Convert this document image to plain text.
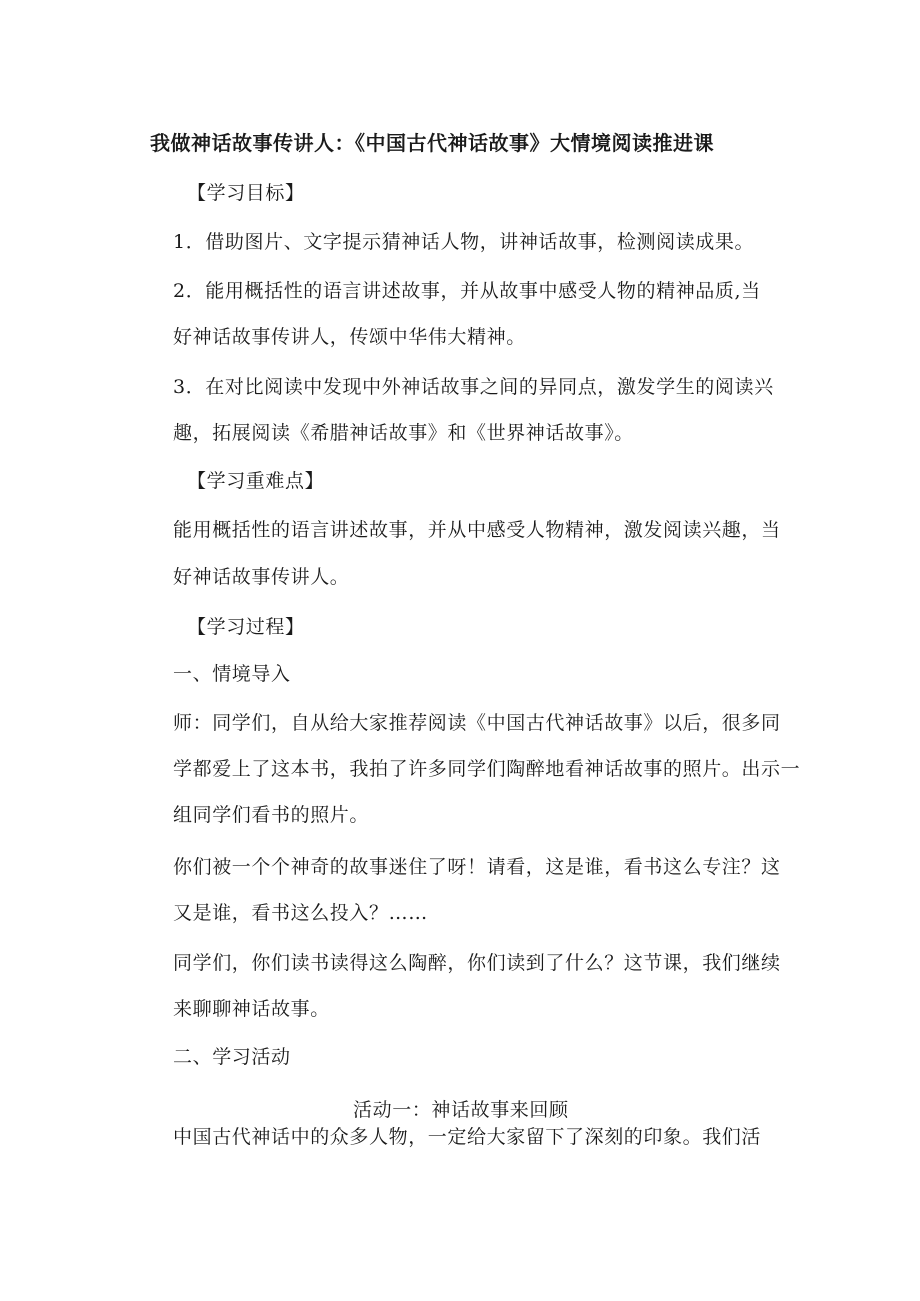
我做神话故事传讲人：《中国古代神话故事》大情境阅读推进课
【学习目标】
1．借助图片、文字提示猜神话人物，讲神话故事，检测阅读成果。
2．能用概括性的语言讲述故事，并从故事中感受人物的精神品质,当
好神话故事传讲人，传颂中华伟大精神。
3．在对比阅读中发现中外神话故事之间的异同点，激发学生的阅读兴
趣，拓展阅读《希腊神话故事》和《世界神话故事》。
【学习重难点】
能用概括性的语言讲述故事，并从中感受人物精神，激发阅读兴趣，当
好神话故事传讲人。
【学习过程】
一、情境导入
师：同学们，自从给大家推荐阅读《中国古代神话故事》以后，很多同
学都爱上了这本书，我拍了许多同学们陶醉地看神话故事的照片。出示一
组同学们看书的照片。
你们被一个个神奇的故事迷住了呀！请看，这是谁，看书这么专注？这
又是谁，看书这么投入？……
同学们，你们读书读得这么陶醉，你们读到了什么？这节课，我们继续
来聊聊神话故事。
二、学习活动
活动一：神话故事来回顾
中国古代神话中的众多人物，一定给大家留下了深刻的印象。我们活
